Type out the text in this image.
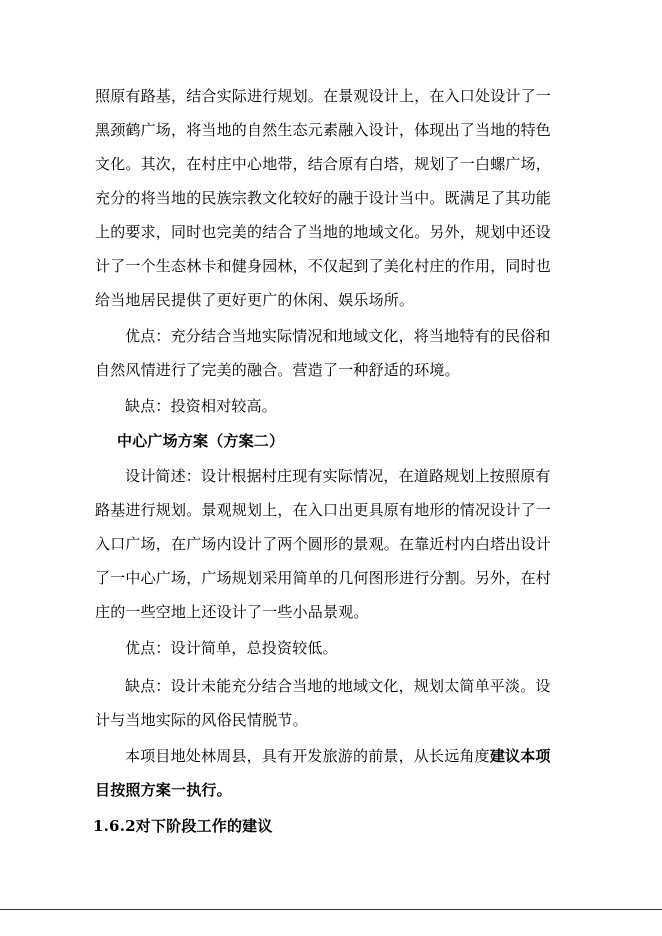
照原有路基，结合实际进行规划。在景观设计上，在入口处设计了一
黑颈鹤广场，将当地的自然生态元素融入设计，体现出了当地的特色
文化。其次，在村庄中心地带，结合原有白塔，规划了一白螺广场，
充分的将当地的民族宗教文化较好的融于设计当中。既满足了其功能
上的要求，同时也完美的结合了当地的地域文化。另外，规划中还设
计了一个生态林卡和健身园林，不仅起到了美化村庄的作用，同时也
给当地居民提供了更好更广的休闲、娱乐场所。
优点：充分结合当地实际情况和地域文化，将当地特有的民俗和
自然风情进行了完美的融合。营造了一种舒适的环境。
缺点：投资相对较高。
中心广场方案（方案二）
设计简述：设计根据村庄现有实际情况，在道路规划上按照原有
路基进行规划。景观规划上，在入口出更具原有地形的情况设计了一
入口广场，在广场内设计了两个圆形的景观。在靠近村内白塔出设计
了一中心广场，广场规划采用简单的几何图形进行分割。另外，在村
庄的一些空地上还设计了一些小品景观。
优点：设计简单，总投资较低。
缺点：设计未能充分结合当地的地域文化，规划太简单平淡。设
计与当地实际的风俗民情脱节。
本项目地处林周县，具有开发旅游的前景，从长远角度建议本项
目按照方案一执行。
1.6.2对下阶段工作的建议
